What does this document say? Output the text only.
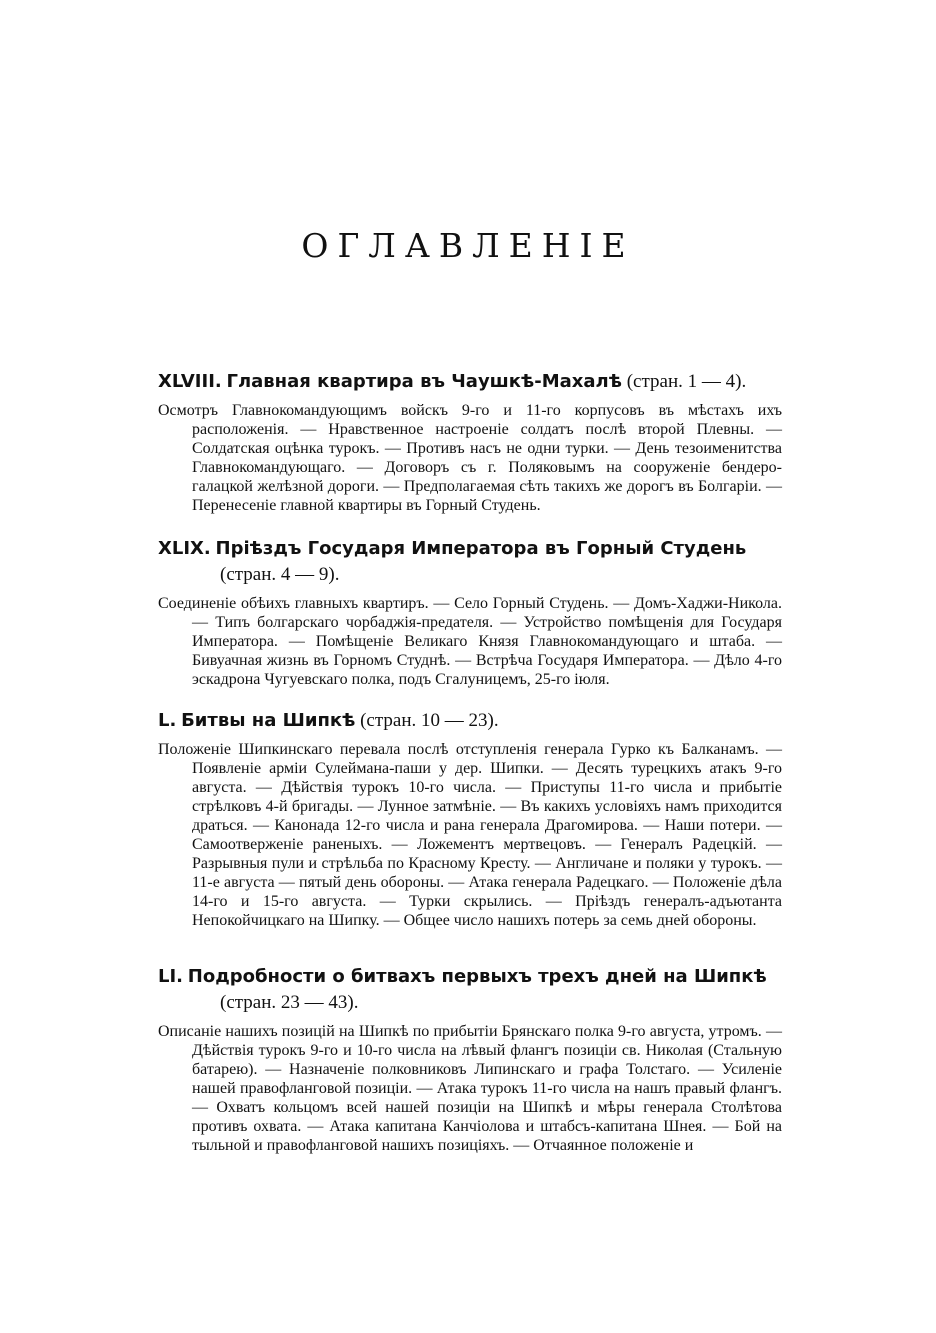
ОГЛАВЛЕНІЕ

XLVIII. Главная квартира въ Чаушкѣ-Махалѣ (стран. 1 — 4).

Осмотръ Главнокомандующимъ войскъ 9-го и 11-го корпусовъ въ мѣстахъ ихъ расположенія. — Нравственное настроеніе солдатъ послѣ второй Плевны. — Солдатская оцѣнка турокъ. — Противъ насъ не одни турки. — День тезоименитства Главнокомандующаго. — Договоръ съ г. Поляковымъ на сооруженіе бендеро-галацкой желѣзной дороги. — Предполагаемая сѣть такихъ же дорогъ въ Болгаріи. — Перенесеніе главной квартиры въ Горный Студень.

XLIX. Пріѣздъ Государя Императора въ Горный Студень
(стран. 4 — 9).

Соединеніе обѣихъ главныхъ квартиръ. — Село Горный Студень. — Домъ-Хаджи-Никола. — Типъ болгарскаго чорбаджія-предателя. — Устройство помѣщенія для Государя Императора. — Помѣщеніе Великаго Князя Главнокомандующаго и штаба. — Бивуачная жизнь въ Горномъ Студнѣ. — Встрѣча Государя Императора. — Дѣло 4-го эскадрона Чугуевскаго полка, подъ Сгалуницемъ, 25-го іюля.

L. Битвы на Шипкѣ (стран. 10 — 23).

Положеніе Шипкинскаго перевала послѣ отступленія генерала Гурко къ Балканамъ. — Появленіе арміи Сулеймана-паши у дер. Шипки. — Десять турецкихъ атакъ 9-го августа. — Дѣйствія турокъ 10-го числа. — Приступы 11-го числа и прибытіе стрѣлковъ 4-й бригады. — Лунное затмѣніе. — Въ какихъ условіяхъ намъ приходится драться. — Канонада 12-го числа и рана генерала Драгомирова. — Наши потери. — Самоотверженіе раненыхъ. — Ложементъ мертвецовъ. — Генералъ Радецкій. — Разрывныя пули и стрѣльба по Красному Кресту. — Англичане и поляки у турокъ. — 11-е августа — пятый день обороны. — Атака генерала Радецкаго. — Положеніе дѣла 14-го и 15-го августа. — Турки скрылись. — Пріѣздъ генералъ-адъютанта Непокойчицкаго на Шипку. — Общее число нашихъ потерь за семь дней обороны.

LI. Подробности о битвахъ первыхъ трехъ дней на Шипкѣ
(стран. 23 — 43).

Описаніе нашихъ позицій на Шипкѣ по прибытіи Брянскаго полка 9-го августа, утромъ. — Дѣйствія турокъ 9-го и 10-го числа на лѣвый флангъ позиціи св. Николая (Стальную батарею). — Назначеніе полковниковъ Липинскаго и графа Толстаго. — Усиленіе нашей правофланговой позиціи. — Атака турокъ 11-го числа на нашъ правый флангъ. — Охватъ кольцомъ всей нашей позиціи на Шипкѣ и мѣры генерала Столѣтова противъ охвата. — Атака капитана Канчіолова и штабсъ-капитана Шнея. — Бой на тыльной и правофланговой нашихъ позиціяхъ. — Отчаянное положеніе и
